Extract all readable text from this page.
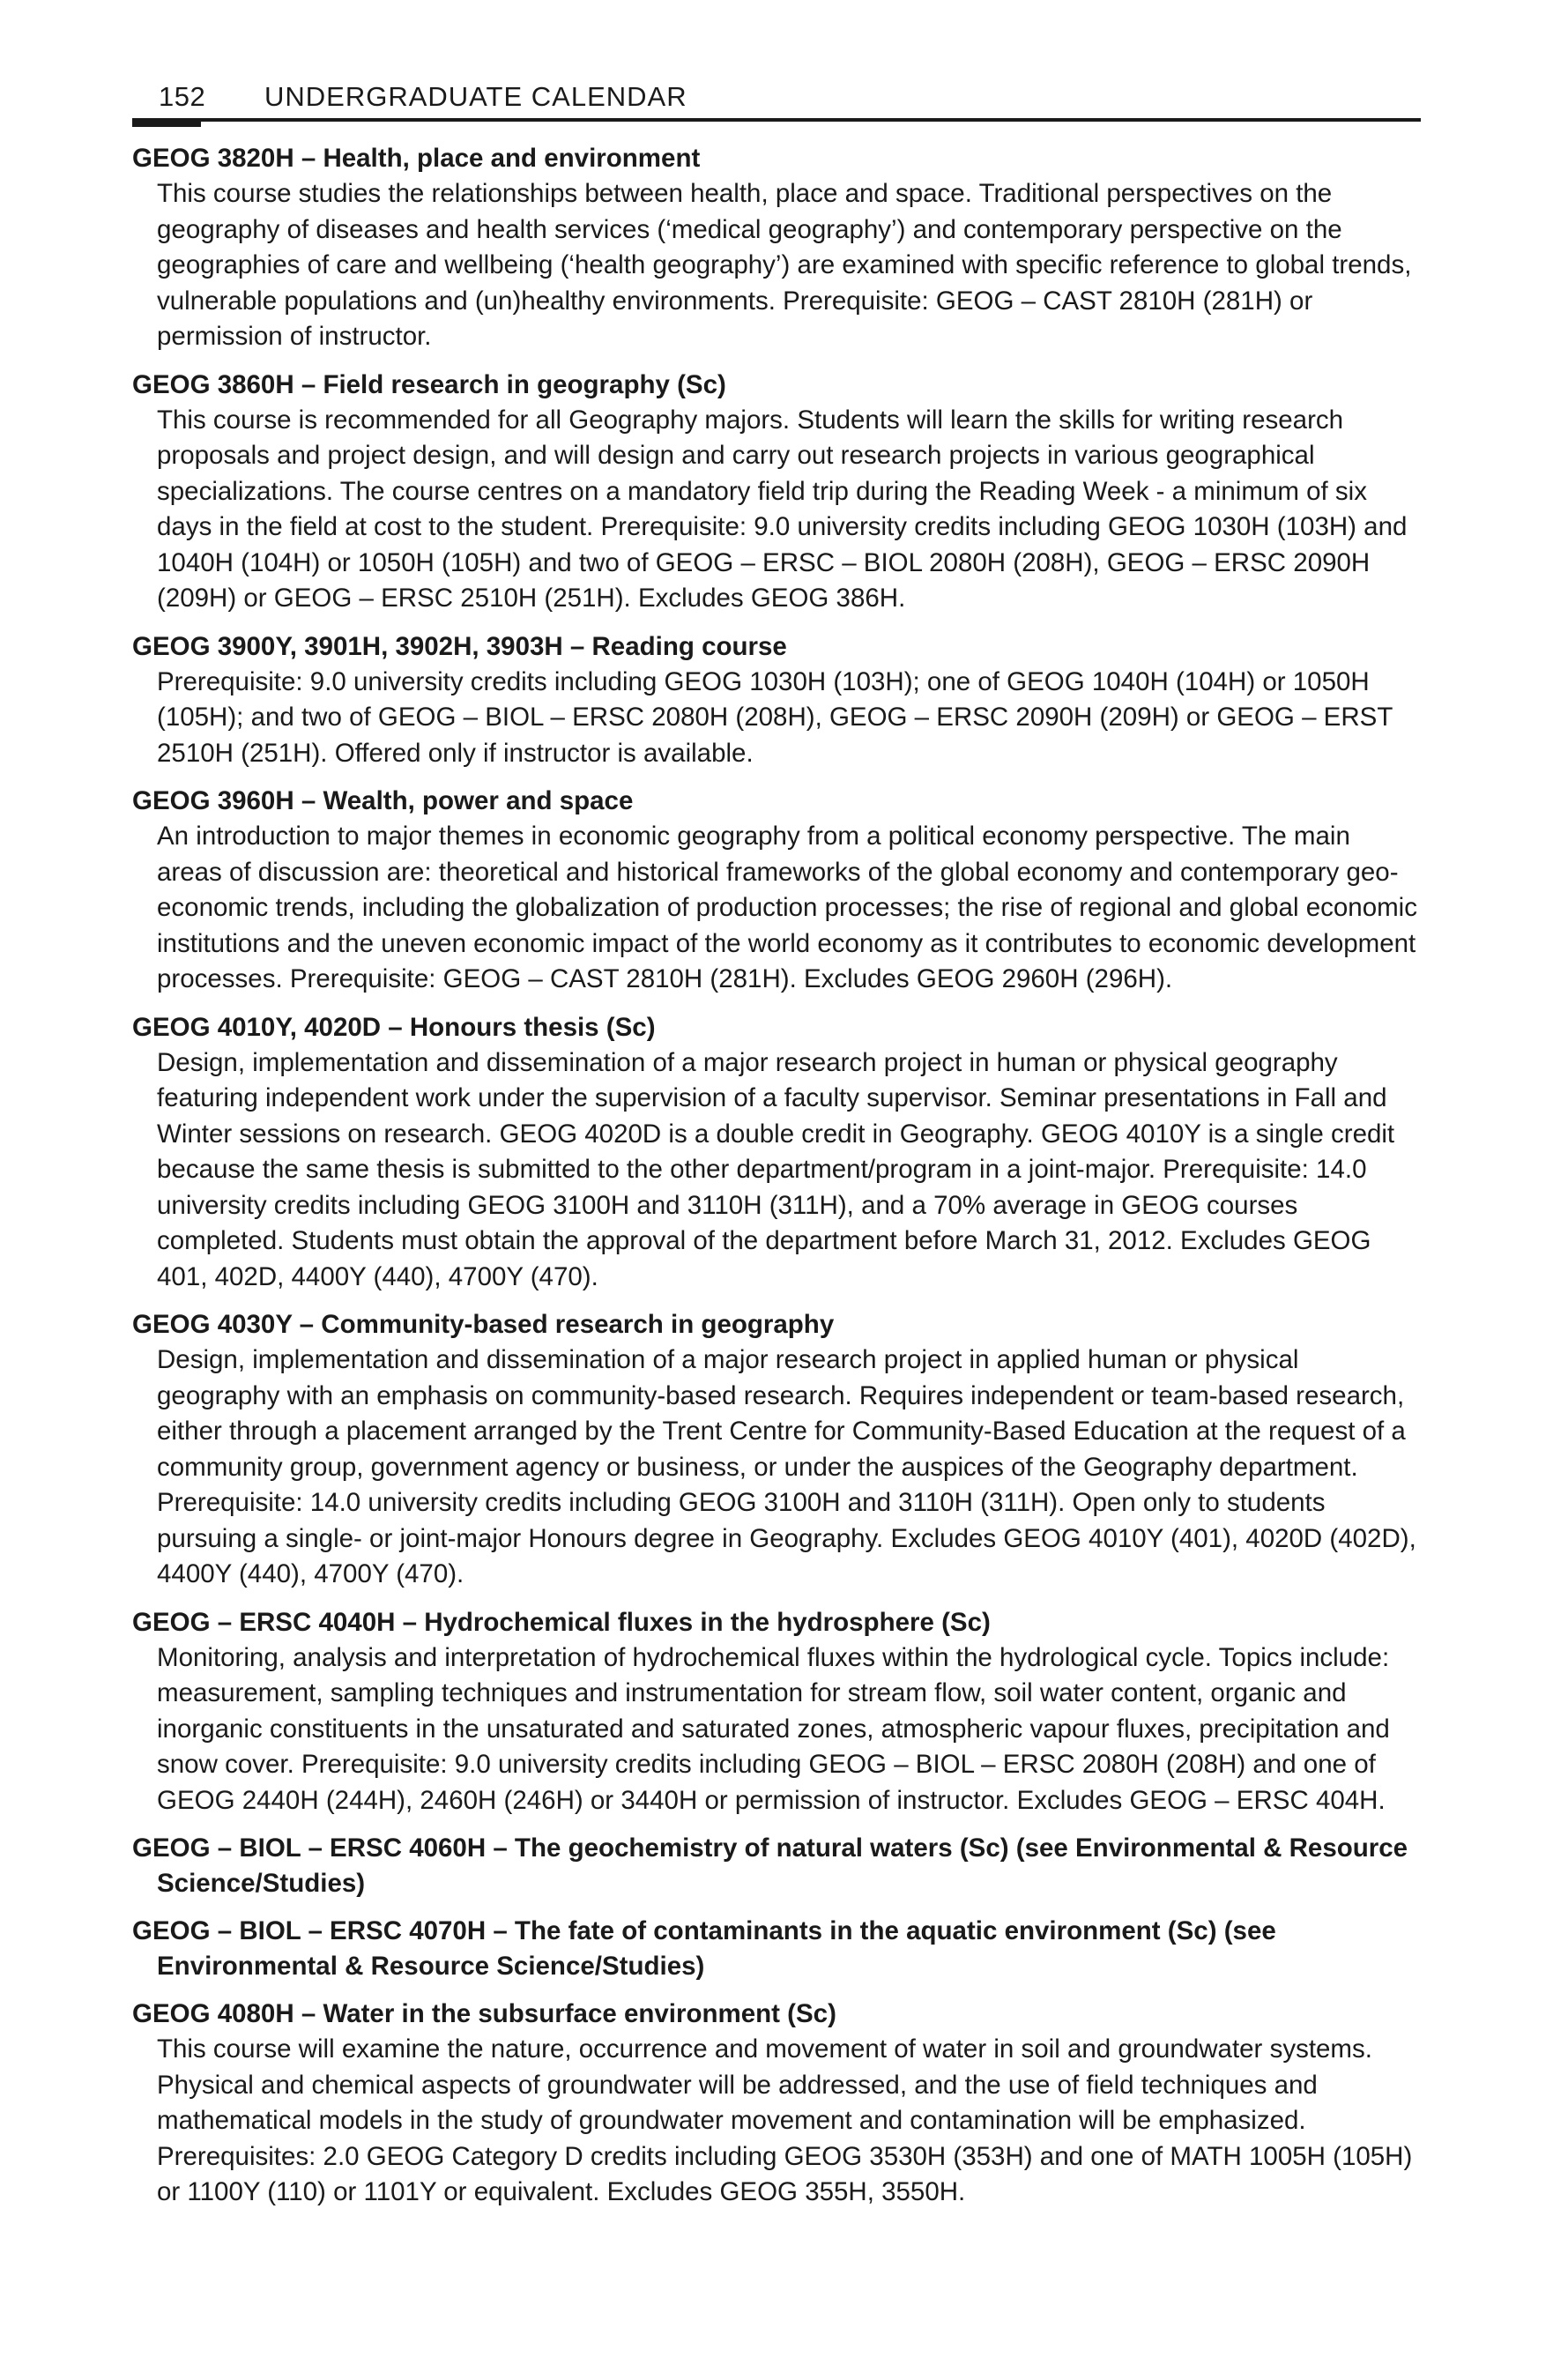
152 UNDERGRADUATE CALENDAR
GEOG 3820H – Health, place and environment

This course studies the relationships between health, place and space. Traditional perspectives on the geography of diseases and health services (‘medical geography’) and contemporary perspective on the geographies of care and wellbeing (‘health geography’) are examined with specific reference to global trends, vulnerable populations and (un)healthy environments. Prerequisite: GEOG – CAST 2810H (281H) or permission of instructor.

GEOG 3860H – Field research in geography (Sc)

This course is recommended for all Geography majors. Students will learn the skills for writing research proposals and project design, and will design and carry out research projects in various geographical specializations. The course centres on a mandatory field trip during the Reading Week - a minimum of six days in the field at cost to the student. Prerequisite: 9.0 university credits including GEOG 1030H (103H) and 1040H (104H) or 1050H (105H) and two of GEOG – ERSC – BIOL 2080H (208H), GEOG – ERSC 2090H (209H) or GEOG – ERSC 2510H (251H). Excludes GEOG 386H.

GEOG 3900Y, 3901H, 3902H, 3903H – Reading course

Prerequisite: 9.0 university credits including GEOG 1030H (103H); one of GEOG 1040H (104H) or 1050H (105H); and two of GEOG – BIOL – ERSC 2080H (208H), GEOG – ERSC 2090H (209H) or GEOG – ERST 2510H (251H). Offered only if instructor is available.

GEOG 3960H – Wealth, power and space

An introduction to major themes in economic geography from a political economy perspective. The main areas of discussion are: theoretical and historical frameworks of the global economy and contemporary geo-economic trends, including the globalization of production processes; the rise of regional and global economic institutions and the uneven economic impact of the world economy as it contributes to economic development processes. Prerequisite: GEOG – CAST 2810H (281H). Excludes GEOG 2960H (296H).

GEOG 4010Y, 4020D – Honours thesis (Sc)

Design, implementation and dissemination of a major research project in human or physical geography featuring independent work under the supervision of a faculty supervisor. Seminar presentations in Fall and Winter sessions on research. GEOG 4020D is a double credit in Geography. GEOG 4010Y is a single credit because the same thesis is submitted to the other department/program in a joint-major. Prerequisite: 14.0 university credits including GEOG 3100H and 3110H (311H), and a 70% average in GEOG courses completed. Students must obtain the approval of the department before March 31, 2012. Excludes GEOG 401, 402D, 4400Y (440), 4700Y (470).

GEOG 4030Y – Community-based research in geography

Design, implementation and dissemination of a major research project in applied human or physical geography with an emphasis on community-based research. Requires independent or team-based research, either through a placement arranged by the Trent Centre for Community-Based Education at the request of a community group, government agency or business, or under the auspices of the Geography department. Prerequisite: 14.0 university credits including GEOG 3100H and 3110H (311H). Open only to students pursuing a single- or joint-major Honours degree in Geography. Excludes GEOG 4010Y (401), 4020D (402D), 4400Y (440), 4700Y (470).

GEOG – ERSC 4040H – Hydrochemical fluxes in the hydrosphere (Sc)

Monitoring, analysis and interpretation of hydrochemical fluxes within the hydrological cycle. Topics include: measurement, sampling techniques and instrumentation for stream flow, soil water content, organic and inorganic constituents in the unsaturated and saturated zones, atmospheric vapour fluxes, precipitation and snow cover. Prerequisite: 9.0 university credits including GEOG – BIOL – ERSC 2080H (208H) and one of GEOG 2440H (244H), 2460H (246H) or 3440H or permission of instructor. Excludes GEOG – ERSC 404H.

GEOG – BIOL – ERSC 4060H – The geochemistry of natural waters (Sc) (see Environmental & Resource Science/Studies)
GEOG – BIOL – ERSC 4070H – The fate of contaminants in the aquatic environment (Sc) (see Environmental & Resource Science/Studies)
GEOG 4080H – Water in the subsurface environment (Sc)

This course will examine the nature, occurrence and movement of water in soil and groundwater systems. Physical and chemical aspects of groundwater will be addressed, and the use of field techniques and mathematical models in the study of groundwater movement and contamination will be emphasized. Prerequisites: 2.0 GEOG Category D credits including GEOG 3530H (353H) and one of MATH 1005H (105H) or 1100Y (110) or 1101Y or equivalent. Excludes GEOG 355H, 3550H.
